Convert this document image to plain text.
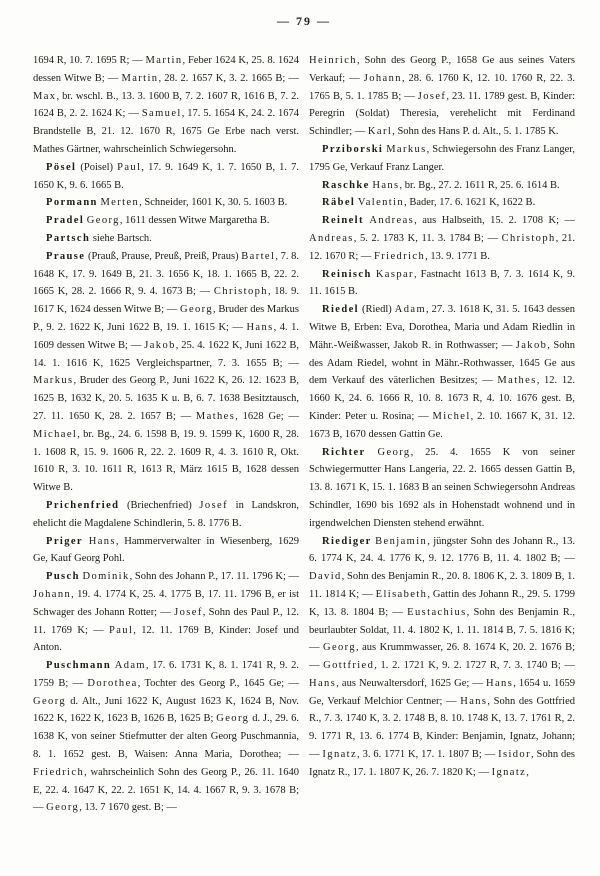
— 79 —

1694 R, 10. 7. 1695 R; — Martin, Feber 1624 K, 25. 8. 1624 dessen Witwe B; — Martin, 28. 2. 1657 K, 3. 2. 1665 B; — Max, br. wschl. B., 13. 3. 1600 B, 7. 2. 1607 R, 1616 B, 7. 2. 1624 B, 2. 2. 1624 K; — Samuel, 17. 5. 1654 K, 24. 2. 1674 Brandstelle B, 21. 12. 1670 R, 1675 Ge Erbe nach verst. Mathes Gärtner, wahrscheinlich Schwiegersohn.

Pösel (Poisel) Paul, 17. 9. 1649 K, 1. 7. 1650 B, 1. 7. 1650 K, 9. 6. 1665 B.

Pormann Merten, Schneider, 1601 K, 30. 5. 1603 B.

Pradel Georg, 1611 dessen Witwe Margaretha B.

Partsch siehe Bartsch.

Prause (Prauß, Prause, Preuß, Preiß, Praus) Bartel, 7. 8. 1648 K, 17. 9. 1649 B, 21. 3. 1656 K, 18. 1. 1665 B, 22. 2. 1665 K, 28. 2. 1666 R, 9. 4. 1673 B; — Christoph, 18. 9. 1617 K, 1624 dessen Witwe B; — Georg, Bruder des Markus P., 9. 2. 1622 K, Juni 1622 B, 19. 1. 1615 K; — Hans, 4. 1. 1609 dessen Witwe B; — Jakob, 25. 4. 1622 K, Juni 1622 B, 14. 1. 1616 K, 1625 Vergleichspartner, 7. 3. 1655 B; — Markus, Bruder des Georg P., Juni 1622 K, 26. 12. 1623 B, 1625 B, 1632 K, 20. 5. 1635 K u. B, 6. 7. 1638 Besitztausch, 27. 11. 1650 K, 28. 2. 1657 B; — Mathes, 1628 Ge; — Michael, br. Bg., 24. 6. 1598 B, 19. 9. 1599 K, 1600 R, 28. 1. 1608 R, 15. 9. 1606 R, 22. 2. 1609 R, 4. 3. 1610 R, Okt. 1610 R, 3. 10. 1611 R, 1613 R, März 1615 B, 1628 dessen Witwe B.

Prichenfried (Briechenfried) Josef in Landskron, ehelicht die Magdalene Schindlerin, 5. 8. 1776 B.

Priger Hans, Hammerverwalter in Wiesenberg, 1629 Ge, Kauf Georg Pohl.

Pusch Dominik, Sohn des Johann P., 17. 11. 1796 K; — Johann, 19. 4. 1774 K, 25. 4. 1775 B, 17. 11. 1796 B, er ist Schwager des Johann Rotter; — Josef, Sohn des Paul P., 12. 11. 1769 K; — Paul, 12. 11. 1769 B, Kinder: Josef und Anton.

Puschmann Adam, 17. 6. 1731 K, 8. 1. 1741 R, 9. 2. 1759 B; — Dorothea, Tochter des Georg P., 1645 Ge; — Georg d. Alt., Juni 1622 K, August 1623 K, 1624 B, Nov. 1622 K, 1622 K, 1623 B, 1626 B, 1625 B; Georg d. J., 29. 6. 1638 K, von seiner Stiefmutter der alten Georg Puschmannia, 8. 1. 1652 gest. B, Waisen: Anna Maria, Dorothea; — Friedrich, wahrscheinlich Sohn des Georg P., 26. 11. 1640 E, 22. 4. 1647 K, 22. 2. 1651 K, 14. 4. 1667 R, 9. 3. 1678 B; — Georg, 13. 7 1670 gest. B; —

Heinrich, Sohn des Georg P., 1658 Ge aus seines Vaters Verkauf; — Johann, 28. 6. 1760 K, 12. 10. 1760 R, 22. 3. 1765 B, 5. 1. 1785 B; — Josef, 23. 11. 1789 gest. B, Kinder: Peregrin (Soldat) Theresia, verehelicht mit Ferdinand Schindler; — Karl, Sohn des Hans P. d. Alt., 5. 1. 1785 K.

Prziborski Markus, Schwiegersohn des Franz Langer, 1795 Ge, Verkauf Franz Langer.

Raschke Hans, br. Bg., 27. 2. 1611 R, 25. 6. 1614 B.

Räbel Valentin, Bader, 17. 6. 1621 K, 1622 B.

Reinelt Andreas, aus Halbseith, 15. 2. 1708 K; — Andreas, 5. 2. 1783 K, 11. 3. 1784 B; — Christoph, 21. 12. 1670 R; — Friedrich, 13. 9. 1771 B.

Reinisch Kaspar, Fastnacht 1613 B, 7. 3. 1614 K, 9. 11. 1615 B.

Riedel (Riedl) Adam, 27. 3. 1618 K, 31. 5. 1643 dessen Witwe B, Erben: Eva, Dorothea, Maria und Adam Riedlin in Mähr.-Weißwasser, Jakob R. in Rothwasser; — Jakob, Sohn des Adam Riedel, wohnt in Mähr.-Rothwasser, 1645 Ge aus dem Verkauf des väterlichen Besitzes; — Mathes, 12. 12. 1660 K, 24. 6. 1666 R, 10. 8. 1673 R, 4. 10. 1676 gest. B, Kinder: Peter u. Rosina; — Michel, 2. 10. 1667 K, 31. 12. 1673 B, 1670 dessen Gattin Ge.

Richter Georg, 25. 4. 1655 K von seiner Schwiegermutter Hans Langeria, 22. 2. 1665 dessen Gattin B, 13. 8. 1671 K, 15. 1. 1683 B an seinen Schwiegersohn Andreas Schindler, 1690 bis 1692 als in Hohenstadt wohnend und in irgendwelchen Diensten stehend erwähnt.

Riediger Benjamin, jüngster Sohn des Johann R., 13. 6. 1774 K, 24. 4. 1776 K, 9. 12. 1776 B, 11. 4. 1802 B; — David, Sohn des Benjamin R., 20. 8. 1806 K, 2. 3. 1809 B, 1. 11. 1814 K; — Elisabeth, Gattin des Johann R., 29. 5. 1799 K, 13. 8. 1804 B; — Eustachius, Sohn des Benjamin R., beurlaubter Soldat, 11. 4. 1802 K, 1. 11. 1814 B, 7. 5. 1816 K; — Georg, aus Krummwasser, 26. 8. 1674 K, 20. 2. 1676 B; — Gottfried, 1. 2. 1721 K, 9. 2. 1727 R, 7. 3. 1740 B; — Hans, aus Neuwaltersdorf, 1625 Ge; — Hans, 1654 u. 1659 Ge, Verkauf Melchior Centner; — Hans, Sohn des Gottfried R., 7. 3. 1740 K, 3. 2. 1748 B, 8. 10. 1748 K, 13. 7. 1761 R, 2. 9. 1771 R, 13. 6. 1774 B, Kinder: Benjamin, Ignatz, Johann; — Ignatz, 3. 6. 1771 K, 17. 1. 1807 B; — Isidor, Sohn des Ignatz R., 17. 1. 1807 K, 26. 7. 1820 K; — Ignatz,
